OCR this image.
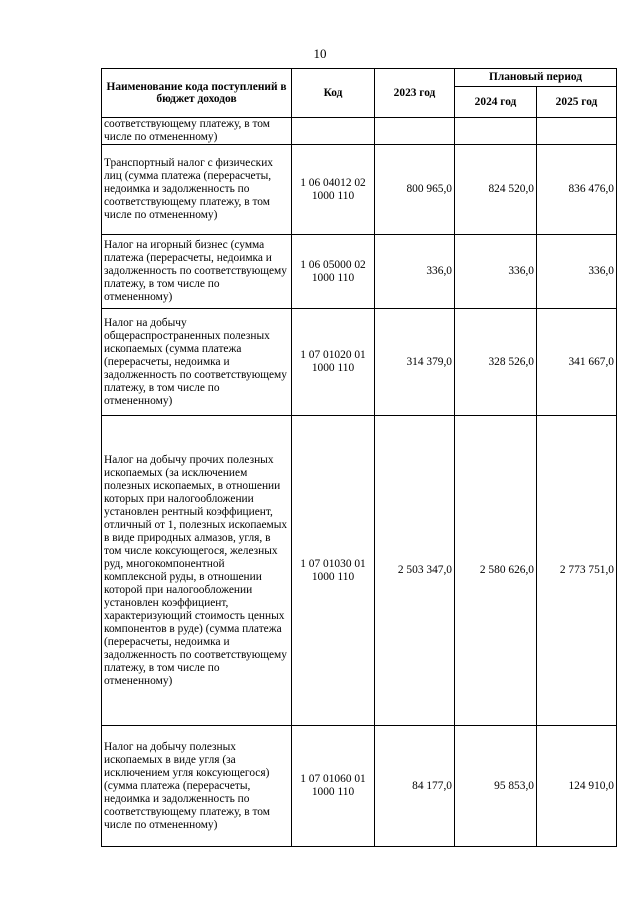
10
Наименование кода поступлений в бюджет доходов	Код	2023 год	Плановый период	
			2024 год	2025 год
соответствующему платежу, в том числе по отмененному)				
Транспортный налог с физических лиц (сумма платежа (перерасчеты, недоимка и задолженность по соответствующему платежу, в том числе по отмененному)	1 06 04012 02 1000 110	800 965,0	824 520,0	836 476,0
Налог на игорный бизнес (сумма платежа (перерасчеты, недоимка и задолженность по соответствующему платежу, в том числе по отмененному)	1 06 05000 02 1000 110	336,0	336,0	336,0
Налог на добычу общераспространенных полезных ископаемых (сумма платежа (перерасчеты, недоимка и задолженность по соответствующему платежу, в том числе по отмененному)	1 07 01020 01 1000 110	314 379,0	328 526,0	341 667,0
Налог на добычу прочих полезных ископаемых (за исключением полезных ископаемых, в отношении которых при налогообложении установлен рентный коэффициент, отличный от 1, полезных ископаемых в виде природных алмазов, угля, в том числе коксующегося, железных руд, многокомпонентной комплексной руды, в отношении которой при налогообложении установлен коэффициент, характеризующий стоимость ценных компонентов в руде) (сумма платежа (перерасчеты, недоимка и задолженность по соответствующему платежу, в том числе по отмененному)	1 07 01030 01 1000 110	2 503 347,0	2 580 626,0	2 773 751,0
Налог на добычу полезных ископаемых в виде угля (за исключением угля коксующегося) (сумма платежа (перерасчеты, недоимка и задолженность по соответствующему платежу, в том числе по отмененному)	1 07 01060 01 1000 110	84 177,0	95 853,0	124 910,0
